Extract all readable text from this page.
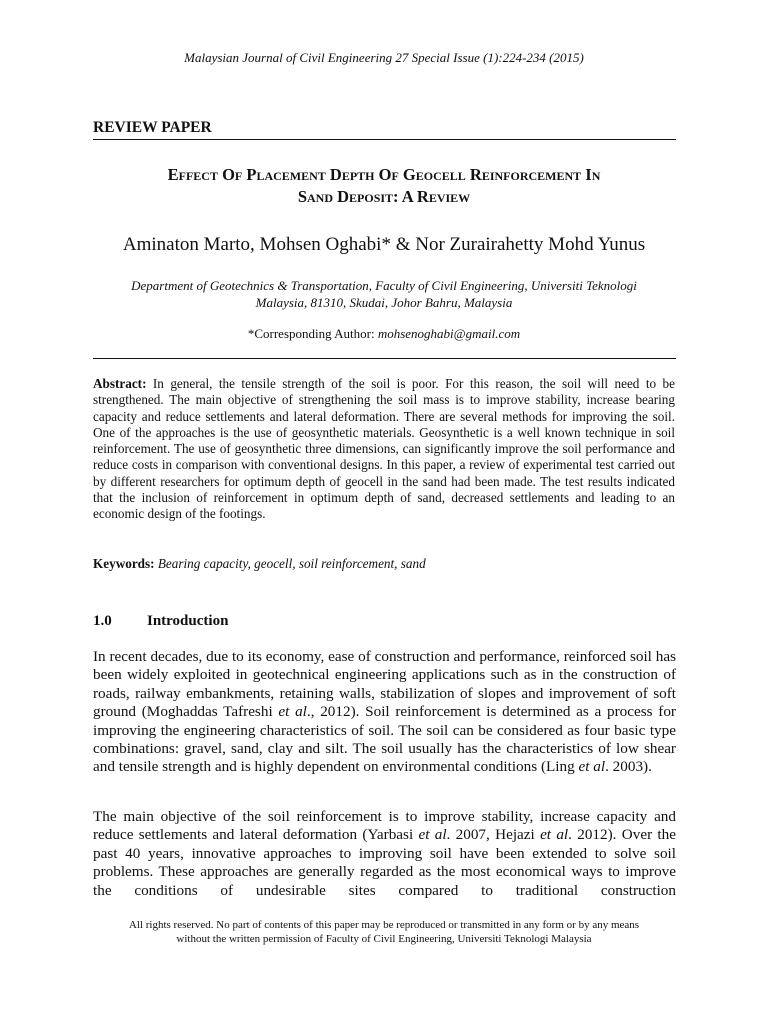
Malaysian Journal of Civil Engineering 27 Special Issue (1):224-234 (2015)
REVIEW PAPER
Effect Of Placement Depth Of Geocell Reinforcement In
Sand Deposit: A Review
Aminaton Marto, Mohsen Oghabi* & Nor Zurairahetty Mohd Yunus
Department of Geotechnics & Transportation, Faculty of Civil Engineering, Universiti Teknologi
Malaysia, 81310, Skudai, Johor Bahru, Malaysia
*Corresponding Author: mohsenoghabi@gmail.com
Abstract: In general, the tensile strength of the soil is poor. For this reason, the soil will need to be strengthened. The main objective of strengthening the soil mass is to improve stability, increase bearing capacity and reduce settlements and lateral deformation. There are several methods for improving the soil. One of the approaches is the use of geosynthetic materials. Geosynthetic is a well known technique in soil reinforcement. The use of geosynthetic three dimensions, can significantly improve the soil performance and reduce costs in comparison with conventional designs. In this paper, a review of experimental test carried out by different researchers for optimum depth of geocell in the sand had been made. The test results indicated that the inclusion of reinforcement in optimum depth of sand, decreased settlements and leading to an economic design of the footings.
Keywords: Bearing capacity, geocell, soil reinforcement, sand
1.0 Introduction
In recent decades, due to its economy, ease of construction and performance, reinforced soil has been widely exploited in geotechnical engineering applications such as in the construction of roads, railway embankments, retaining walls, stabilization of slopes and improvement of soft ground (Moghaddas Tafreshi et al., 2012). Soil reinforcement is determined as a process for improving the engineering characteristics of soil. The soil can be considered as four basic type combinations: gravel, sand, clay and silt. The soil usually has the characteristics of low shear and tensile strength and is highly dependent on environmental conditions (Ling et al. 2003).
The main objective of the soil reinforcement is to improve stability, increase capacity and reduce settlements and lateral deformation (Yarbasi et al. 2007, Hejazi et al. 2012). Over the past 40 years, innovative approaches to improving soil have been extended to solve soil problems. These approaches are generally regarded as the most economical ways to improve the conditions of undesirable sites compared to traditional construction
All rights reserved. No part of contents of this paper may be reproduced or transmitted in any form or by any means
without the written permission of Faculty of Civil Engineering, Universiti Teknologi Malaysia
